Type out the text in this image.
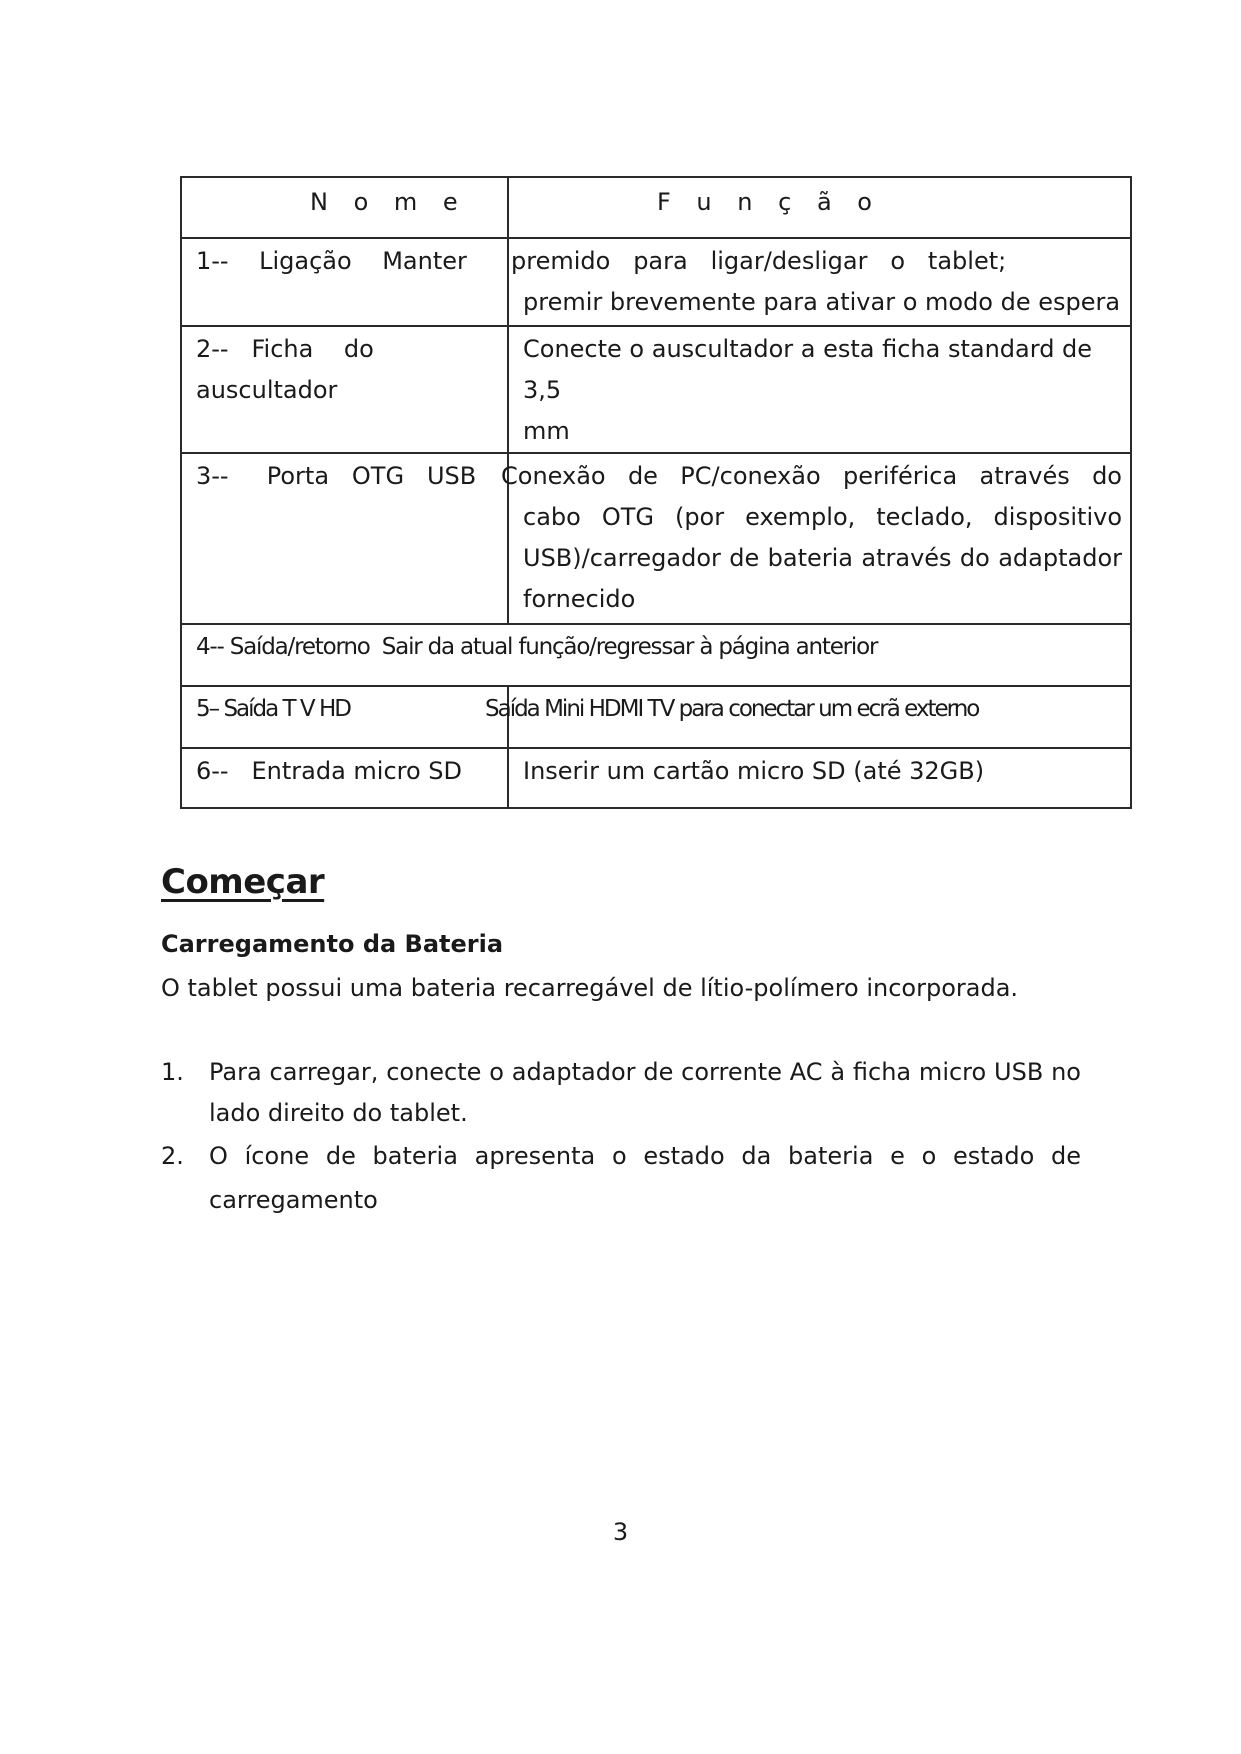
N o m e	F u n ç ã o
1--    Ligação    Manter	premido   para   ligar/desligar   o   tablet;
premir brevemente para ativar o modo de espera

2--   Ficha    do
auscultador	Conecte o auscultador a esta ficha standard de 3,5
mm

3--     Porta   OTG   USB	Conexão  de  PC/conexão  periférica  através  do
cabo  OTG  (por  exemplo,  teclado,  dispositivo
USB)/carregador de bateria através do adaptador
fornecido

4-- Saída/retorno  Sair da atual função/regressar à página anterior	
5– Saída T V HD	Saída Mini HDMI TV para conectar um ecrã externo
6--   Entrada micro SD	Inserir um cartão micro SD (até 32GB)
Começar
Carregamento da Bateria

O tablet possui uma bateria recarregável de lítio-polímero incorporada.

1. Para carregar, conecte o adaptador de corrente AC à ficha micro USB no lado direito do tablet.
2. O ícone de bateria apresenta o estado da bateria e o estado de carregamento
3
